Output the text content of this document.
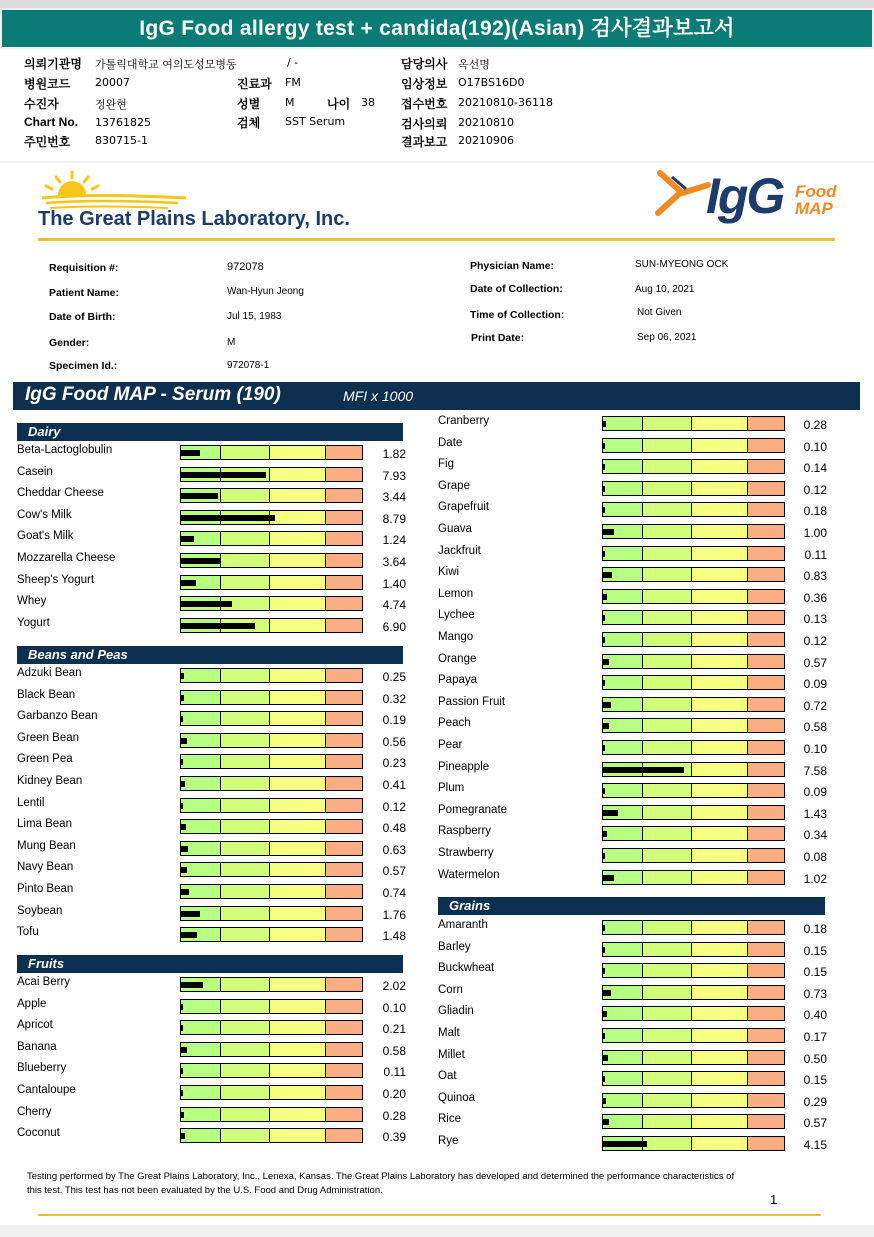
IgG Food allergy test + candida(192)(Asian) 검사결과보고서
의뢰기관명 가톨릭대학교 여의도성모병동	/ -
병원코드 20007
수진자	정완현
Chart No. 13761825
주민번호 830715-1
진료과 FM
성별 M	나이 38
검체 SST Serum
담당의사 옥선명
임상정보 O17BS16D0
접수번호 20210810-36118
검사의뢰 20210810
결과보고 20210906
The Great Plains Laboratory, Inc.	IgG Food
MAP
Requisition #:	972078
Patient Name:	Wan-Hyun Jeong
Date of Birth:	Jul 15, 1983
Gender:	M
Specimen Id.:	972078-1
Physician Name:	SUN-MYEONG OCK
Date of Collection:	Aug 10, 2021
Time of Collection:	Not Given
Print Date:	Sep 06, 2021
IgG Food MAP - Serum (190)	MFI x 1000
Dairy
Beta-Lactoglobulin	1.82
Casein	7.93
Cheddar Cheese	3.44
Cow's Milk	8.79
Goat's Milk	1.24
Mozzarella Cheese	3.64
Sheep's Yogurt	1.40
Whey	4.74
Yogurt	6.90
Beans and Peas
Adzuki Bean	0.25
Black Bean	0.32
Garbanzo Bean	0.19
Green Bean	0.56
Green Pea	0.23
Kidney Bean	0.41
Lentil	0.12
Lima Bean	0.48
Mung Bean	0.63
Navy Bean	0.57
Pinto Bean	0.74
Soybean	1.76
Tofu	1.48
Fruits
Acai Berry	2.02
Apple	0.10
Apricot	0.21
Banana	0.58
Blueberry	0.11
Cantaloupe	0.20
Cherry	0.28
Coconut	0.39
Cranberry	0.28
Date	0.10
Fig	0.14
Grape	0.12
Grapefruit	0.18
Guava	1.00
Jackfruit	0.11
Kiwi	0.83
Lemon	0.36
Lychee	0.13
Mango	0.12
Orange	0.57
Papaya	0.09
Passion Fruit	0.72
Peach	0.58
Pear	0.10
Pineapple	7.58
Plum	0.09
Pomegranate	1.43
Raspberry	0.34
Strawberry	0.08
Watermelon	1.02
Grains
Amaranth	0.18
Barley	0.15
Buckwheat	0.15
Corn	0.73
Gliadin	0.40
Malt	0.17
Millet	0.50
Oat	0.15
Quinoa	0.29
Rice	0.57
Rye	4.15
Testing performed by The Great Plains Laboratory, Inc., Lenexa, Kansas. The Great Plains Laboratory has developed and determined the performance characteristics of this test. This test has not been evaluated by the U.S. Food and Drug Administration.
1
